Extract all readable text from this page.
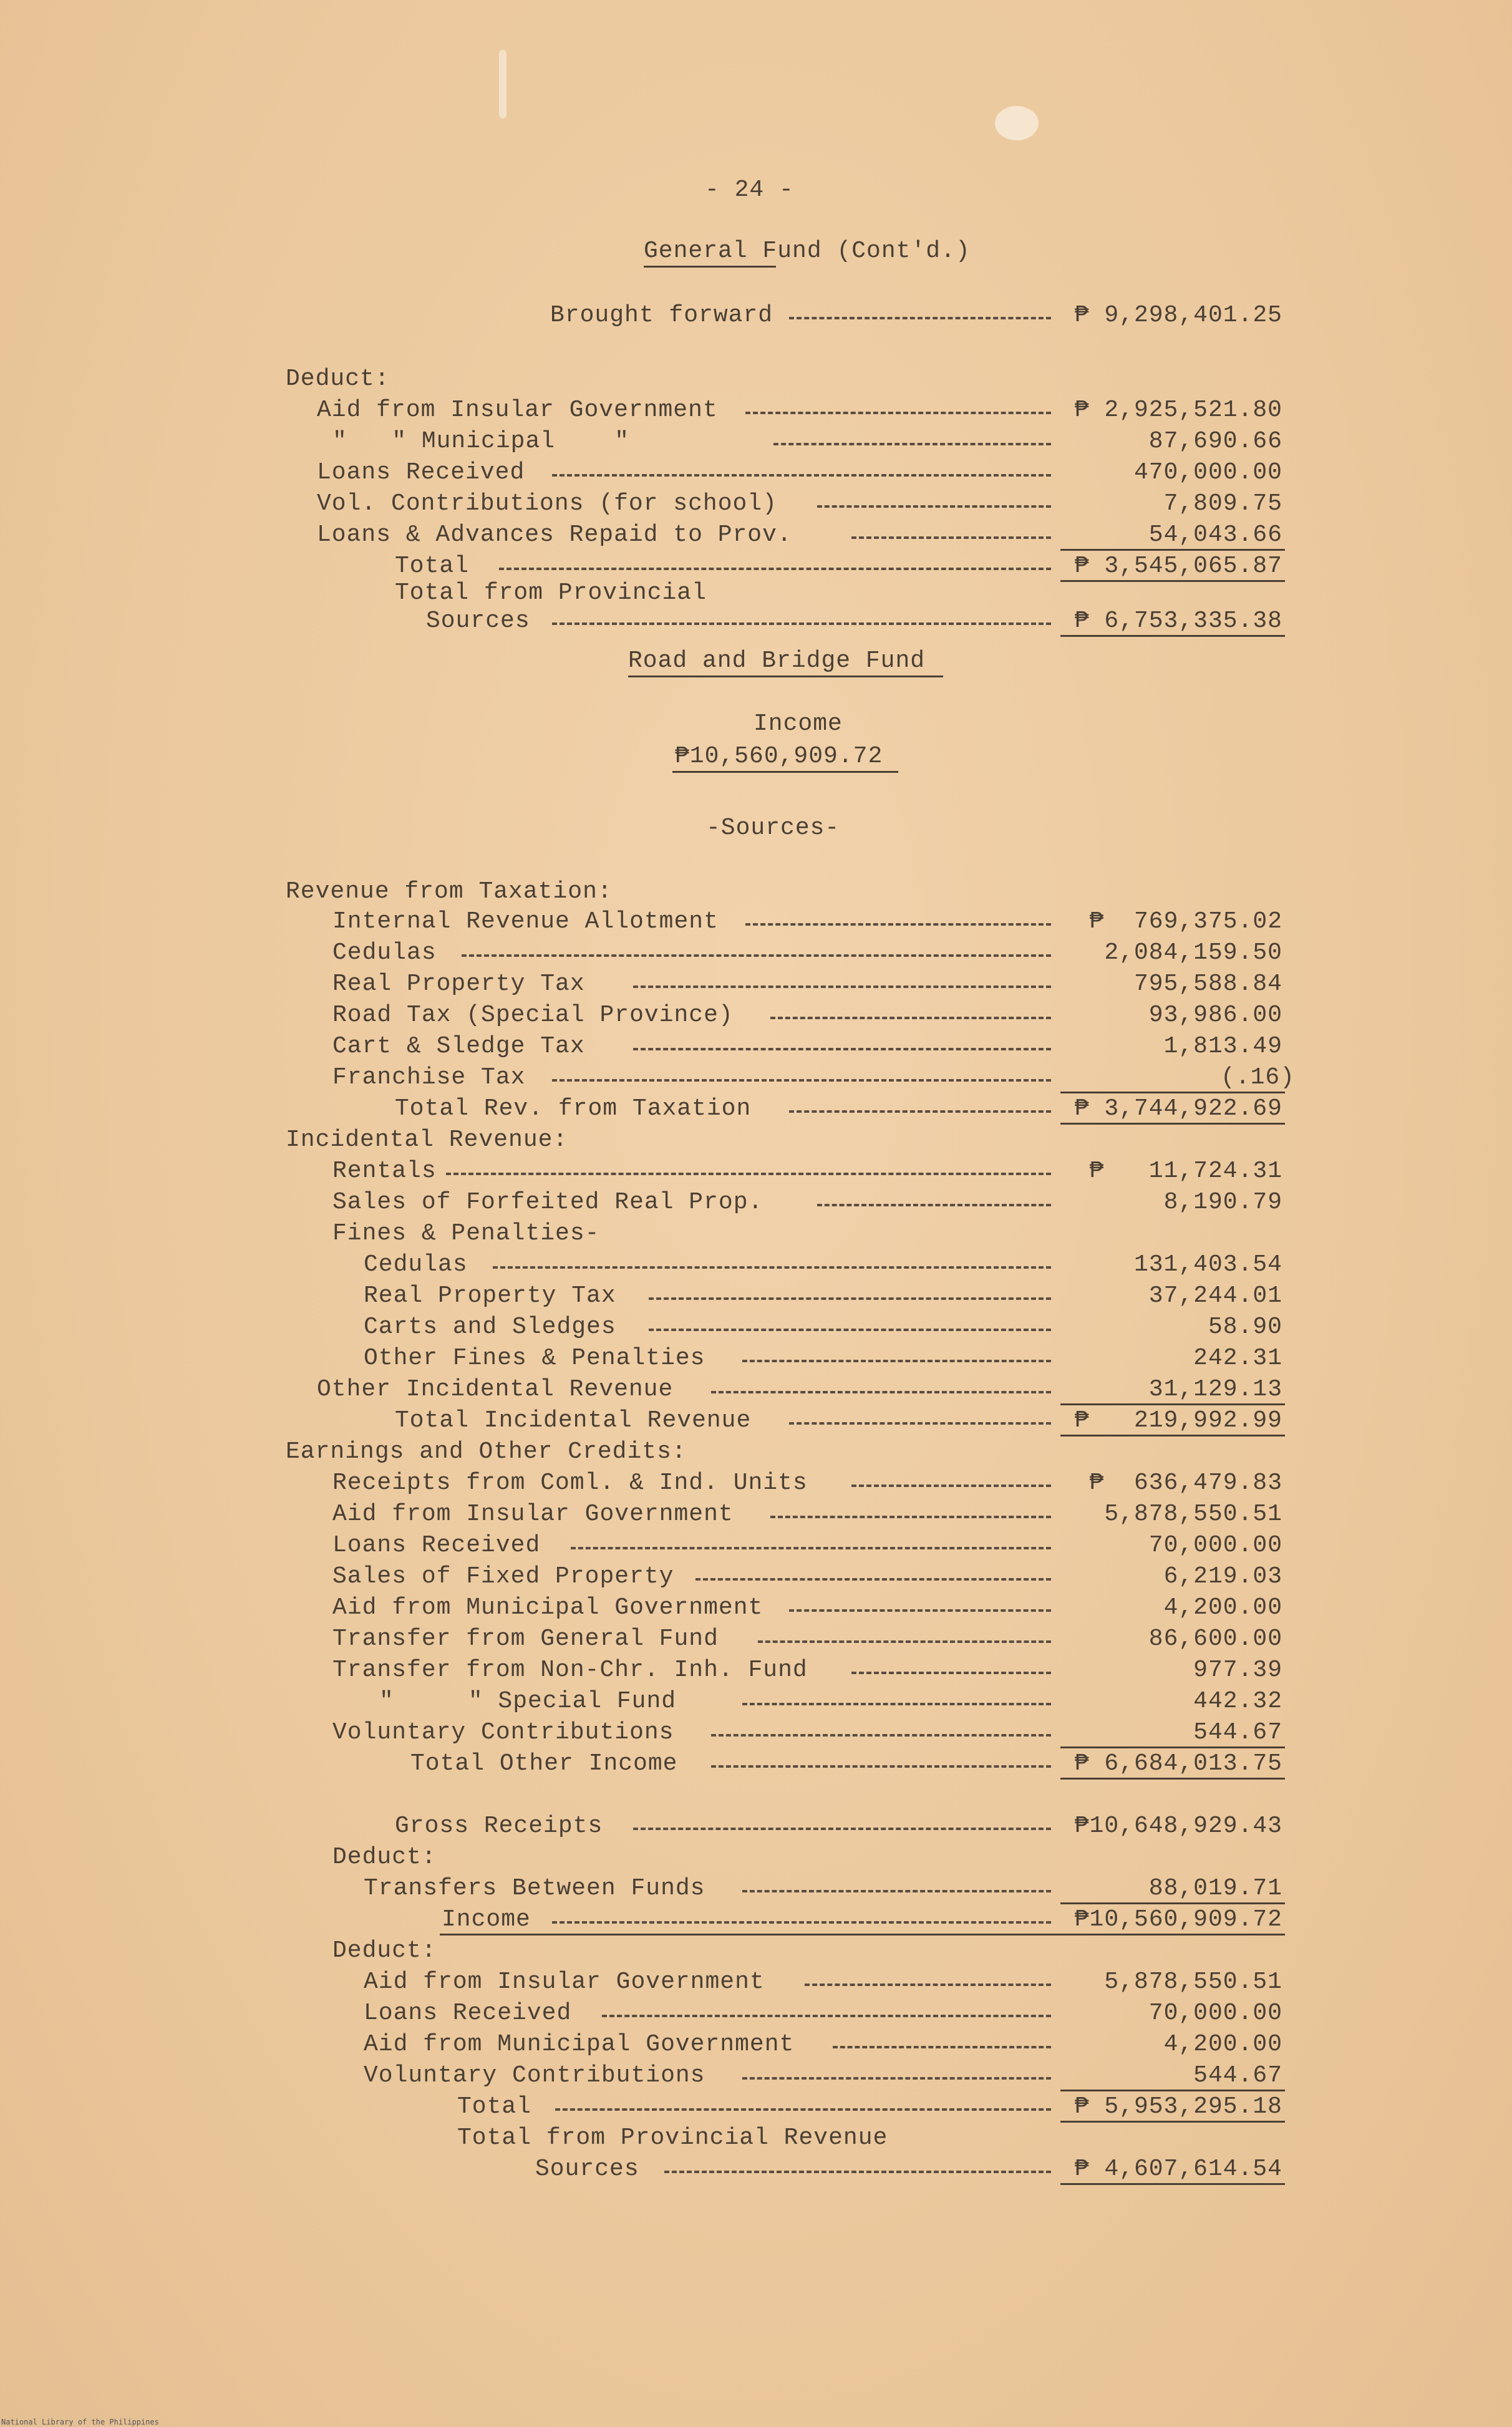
- 24 -
General Fund (Cont'd.)
Brought forward	₱ 9,298,401.25
Deduct:
Aid from Insular Government	₱ 2,925,521.80
"   " Municipal    "	87,690.66
Loans Received	470,000.00
Vol. Contributions (for school)	7,809.75
Loans & Advances Repaid to Prov.	54,043.66
Total	₱ 3,545,065.87
Total from Provincial
Sources	₱ 6,753,335.38
Road and Bridge Fund
Income
₱10,560,909.72
-Sources-
Revenue from Taxation:
Internal Revenue Allotment	₱  769,375.02
Cedulas	2,084,159.50
Real Property Tax	795,588.84
Road Tax (Special Province)	93,986.00
Cart & Sledge Tax	1,813.49
Franchise Tax	(.16)
Total Rev. from Taxation	₱ 3,744,922.69
Incidental Revenue:
Rentals	₱   11,724.31
Sales of Forfeited Real Prop.	8,190.79
Fines & Penalties-
Cedulas	131,403.54
Real Property Tax	37,244.01
Carts and Sledges	58.90
Other Fines & Penalties	242.31
Other Incidental Revenue	31,129.13
Total Incidental Revenue	₱   219,992.99
Earnings and Other Credits:
Receipts from Coml. & Ind. Units	₱  636,479.83
Aid from Insular Government	5,878,550.51
Loans Received	70,000.00
Sales of Fixed Property	6,219.03
Aid from Municipal Government	4,200.00
Transfer from General Fund	86,600.00
Transfer from Non-Chr. Inh. Fund	977.39
"     " Special Fund	442.32
Voluntary Contributions	544.67
Total Other Income	₱ 6,684,013.75
Gross Receipts	₱10,648,929.43
Deduct:
Transfers Between Funds	88,019.71
Income	₱10,560,909.72
Deduct:
Aid from Insular Government	5,878,550.51
Loans Received	70,000.00
Aid from Municipal Government	4,200.00
Voluntary Contributions	544.67
Total	₱ 5,953,295.18
Total from Provincial Revenue
Sources	₱ 4,607,614.54
National Library of the Philippines
